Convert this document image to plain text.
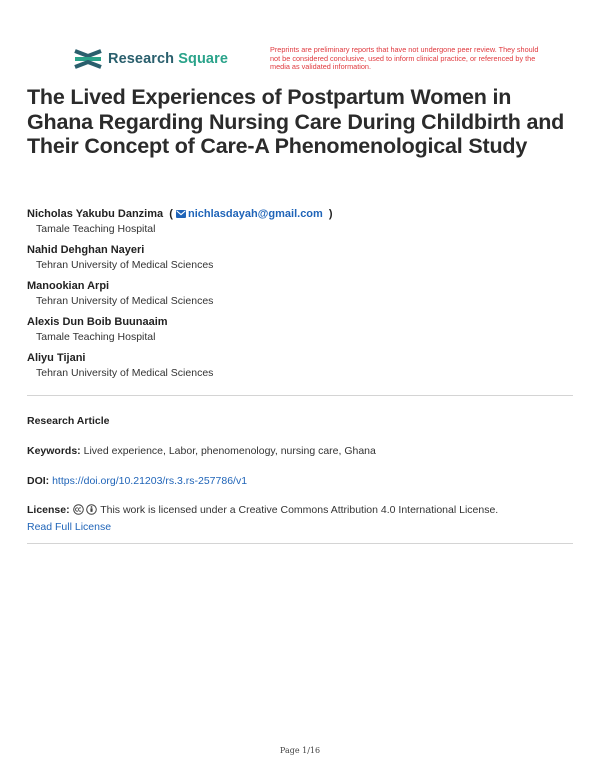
Research Square
Preprints are preliminary reports that have not undergone peer review. They should not be considered conclusive, used to inform clinical practice, or referenced by the media as validated information.
The Lived Experiences of Postpartum Women in Ghana Regarding Nursing Care During Childbirth and Their Concept of Care-A Phenomenological Study
Nicholas Yakubu Danzima  ( nichlasdayah@gmail.com  )
Tamale Teaching Hospital
Nahid Dehghan Nayeri
Tehran University of Medical Sciences
Manookian Arpi
Tehran University of Medical Sciences
Alexis Dun Boib Buunaaim
Tamale Teaching Hospital
Aliyu Tijani
Tehran University of Medical Sciences
Research Article
Keywords: Lived experience, Labor, phenomenology, nursing care, Ghana
DOI: https://doi.org/10.21203/rs.3.rs-257786/v1
License:	This work is licensed under a Creative Commons Attribution 4.0 International License.
Read Full License
Page 1/16
